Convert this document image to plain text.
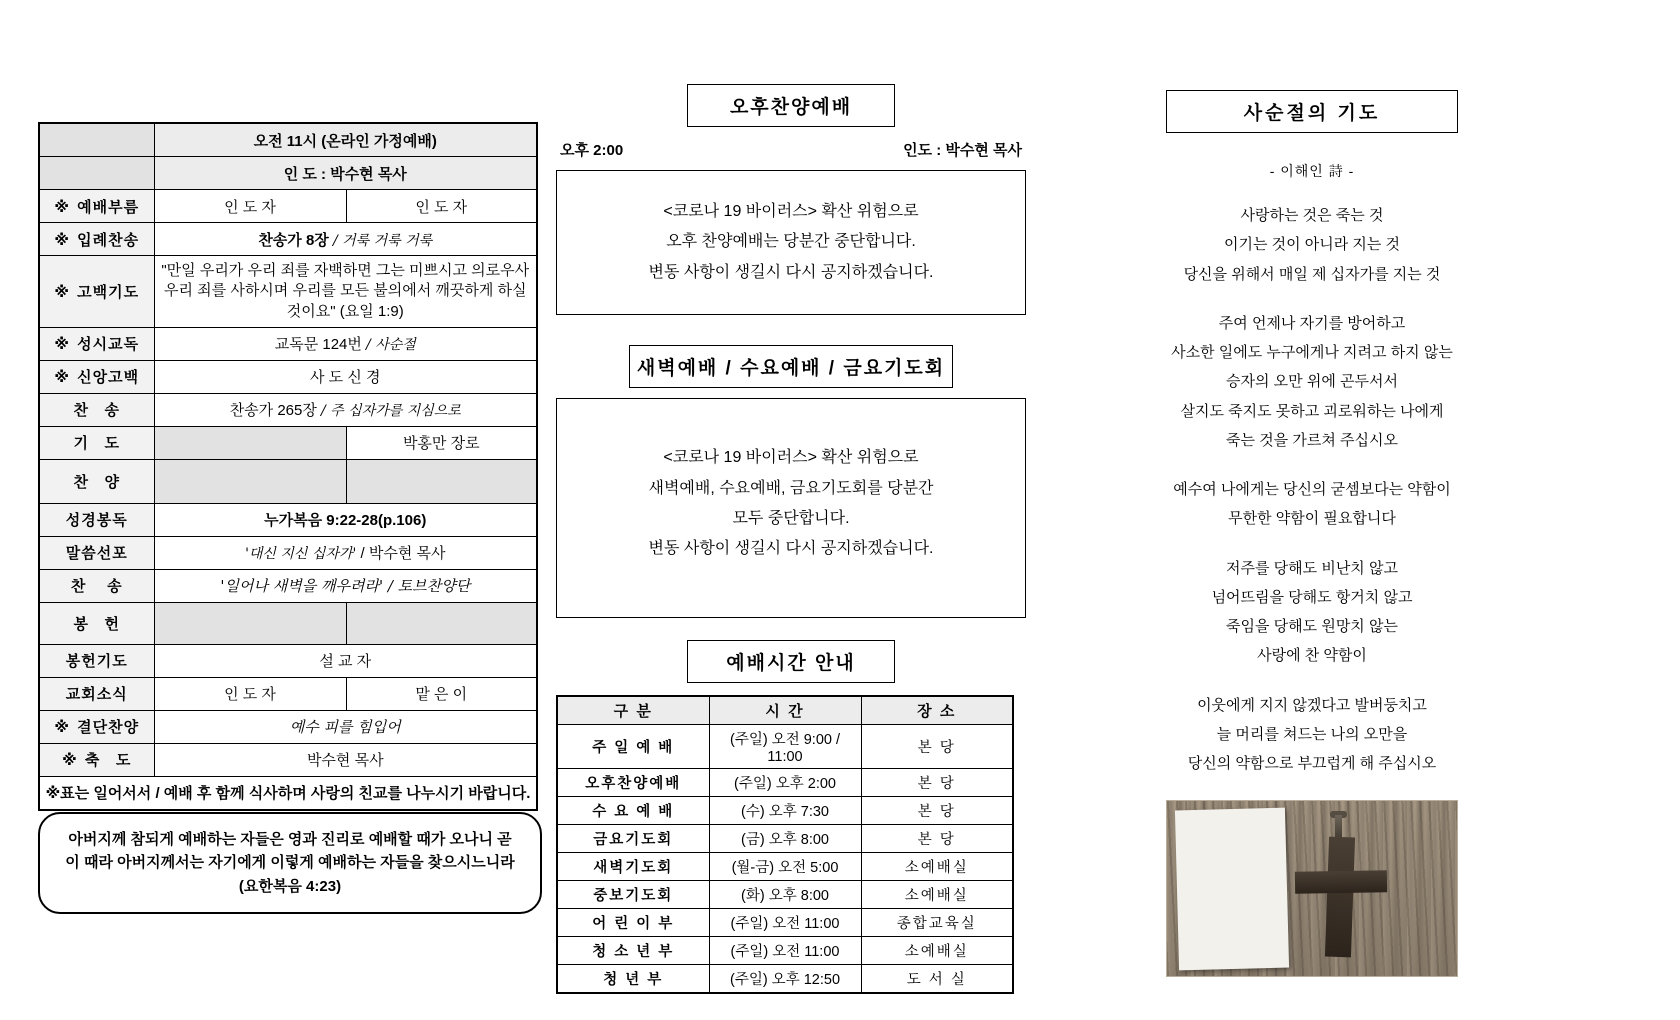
	오전 11시 (온라인 가정예배)	
	인 도 : 박수현 목사	
※ 예배부름	인 도 자	인 도 자
※ 입례찬송	찬송가 8장 / 거룩 거룩 거룩	
※ 고백기도	"만일 우리가 우리 죄를 자백하면 그는 미쁘시고 의로우사 우리 죄를 사하시며 우리를 모든 불의에서 깨끗하게 하실 것이요" (요일 1:9)	
※ 성시교독	교독문 124번 / 사순절	
※ 신앙고백	사 도 신 경	
찬   송	찬송가 265장 / 주 십자가를 지심으로	
기   도		박홍만 장로
찬   양		
성경봉독	누가복음 9:22-28(p.106)	
말씀선포	'대신 지신 십자가' / 박수현 목사	
찬    송	'일어나 새벽을 깨우려라' / 토브찬양단	
봉   헌		
봉헌기도	설 교 자	
교회소식	인 도 자	맡 은 이
※ 결단찬양	예수 피를 힘입어	
※ 축   도	박수현 목사	
※표는 일어서서 / 예배 후 함께 식사하며 사랑의 친교를 나누시기 바랍니다.		
아버지께 참되게 예배하는 자들은 영과 진리로 예배할 때가 오나니 곧 이 때라 아버지께서는 자기에게 이렇게 예배하는 자들을 찾으시느니라 (요한복음 4:23)
오후찬양예배
오후 2:00	인도 : 박수현 목사
<코로나 19 바이러스> 확산 위험으로
오후 찬양예배는 당분간 중단합니다.
변동 사항이 생길시 다시 공지하겠습니다.
새벽예배 / 수요예배 / 금요기도회
<코로나 19 바이러스> 확산 위험으로
새벽예배, 수요예배, 금요기도회를 당분간
모두 중단합니다.
변동 사항이 생길시 다시 공지하겠습니다.
예배시간 안내
구 분	시 간	장 소
주 일 예 배	(주일) 오전 9:00 / 11:00	본 당
오후찬양예배	(주일) 오후 2:00	본 당
수 요 예 배	(수) 오후 7:30	본 당
금요기도회	(금) 오후 8:00	본 당
새벽기도회	(월-금) 오전 5:00	소예배실
중보기도회	(화) 오후 8:00	소예배실
어 린 이 부	(주일) 오전 11:00	종합교육실
청 소 년 부	(주일) 오전 11:00	소예배실
청 년 부	(주일) 오후 12:50	도 서 실
사순절의 기도
- 이해인 詩 -
사랑하는 것은 죽는 것
이기는 것이 아니라 지는 것
당신을 위해서 매일 제 십자가를 지는 것
주여 언제나 자기를 방어하고
사소한 일에도 누구에게나 지려고 하지 않는
승자의 오만 위에 곤두서서
살지도 죽지도 못하고 괴로워하는 나에게
죽는 것을 가르쳐 주십시오
예수여 나에게는 당신의 굳셈보다는 약함이
무한한 약함이 필요합니다
저주를 당해도 비난치 않고
넘어뜨림을 당해도 항거치 않고
죽임을 당해도 원망치 않는
사랑에 찬 약함이
이웃에게 지지 않겠다고 발버둥치고
늘 머리를 쳐드는 나의 오만을
당신의 약함으로 부끄럽게 해 주십시오
